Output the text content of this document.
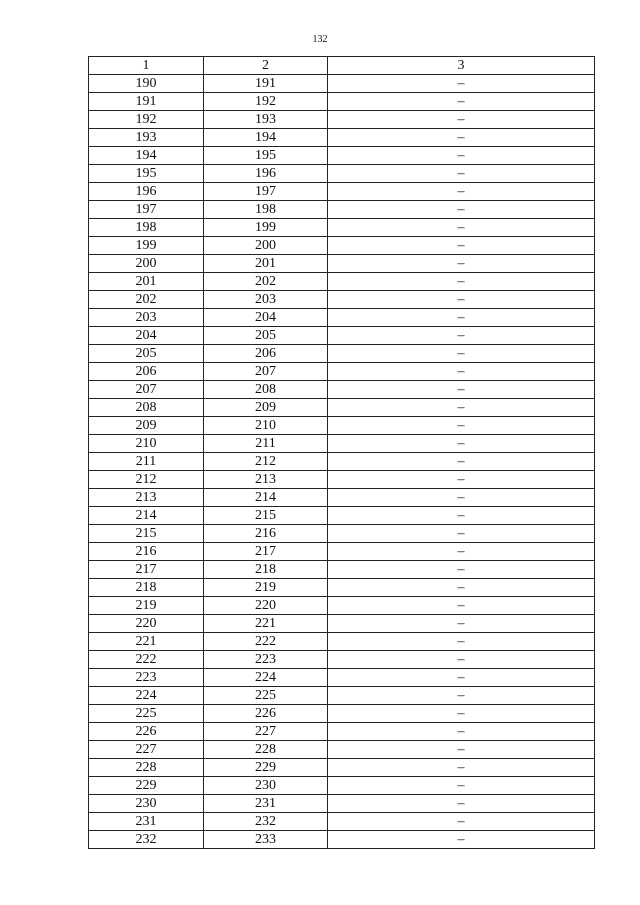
132
1	2	3
190	191	–
191	192	–
192	193	–
193	194	–
194	195	–
195	196	–
196	197	–
197	198	–
198	199	–
199	200	–
200	201	–
201	202	–
202	203	–
203	204	–
204	205	–
205	206	–
206	207	–
207	208	–
208	209	–
209	210	–
210	211	–
211	212	–
212	213	–
213	214	–
214	215	–
215	216	–
216	217	–
217	218	–
218	219	–
219	220	–
220	221	–
221	222	–
222	223	–
223	224	–
224	225	–
225	226	–
226	227	–
227	228	–
228	229	–
229	230	–
230	231	–
231	232	–
232	233	–
